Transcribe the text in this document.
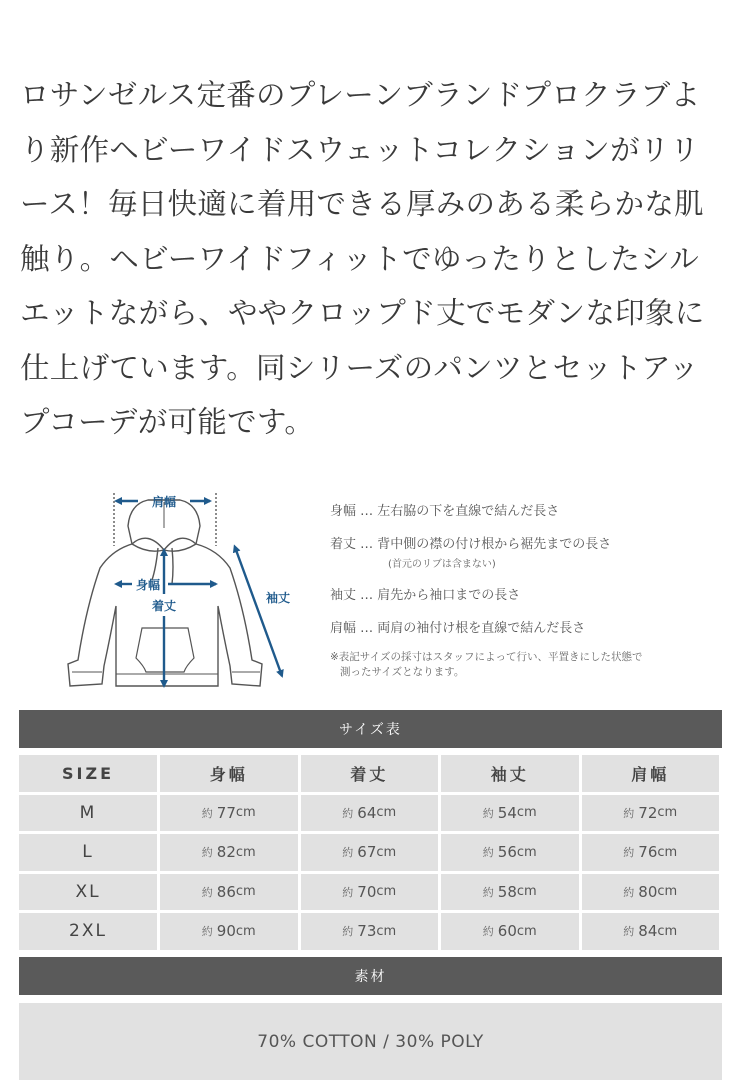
ロサンゼルス定番のプレーンブランドプロクラブよ

り新作ヘビーワイドスウェットコレクションがリリ

ース！毎日快適に着用できる厚みのある柔らかな肌

触り。ヘビーワイドフィットでゆったりとしたシル

エットながら、ややクロップド丈でモダンな印象に

仕上げています。同シリーズのパンツとセットアッ

プコーデが可能です。

肩幅
着丈
身幅
袖丈
身幅 … 左右脇の下を直線で結んだ長さ
着丈 … 背中側の襟の付け根から裾先までの長さ
(首元のリブは含まない)
袖丈 … 肩先から袖口までの長さ
肩幅 … 両肩の袖付け根を直線で結んだ長さ
※表記サイズの採寸はスタッフによって行い、平置きにした状態で
測ったサイズとなります。
サイズ表
SIZE	身幅	着丈	袖丈	肩幅
M	約 77 cm	約 64 cm	約 54 cm	約 72 cm
L	約 82 cm	約 67 cm	約 56 cm	約 76 cm
XL	約 86 cm	約 70 cm	約 58 cm	約 80 cm
2XL	約 90 cm	約 73 cm	約 60 cm	約 84 cm
素材
70% COTTON / 30% POLY
